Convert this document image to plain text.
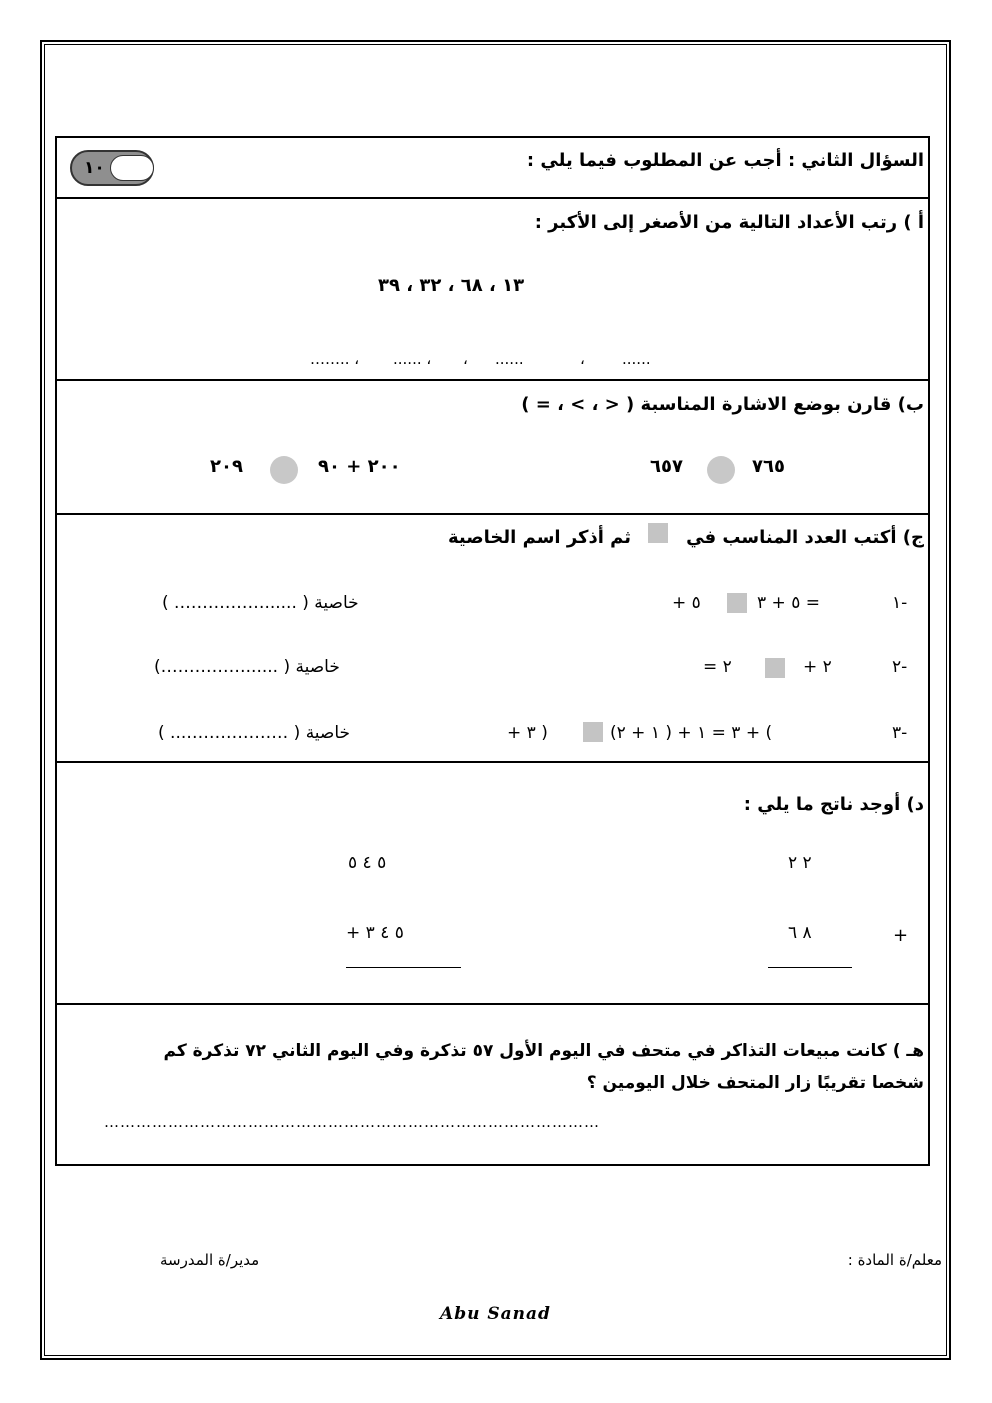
السؤال الثاني : أجب عن المطلوب فيما يلي :
١٠
أ ) رتب الأعداد التالية من الأصغر إلى الأكبر :
١٣ ، ٦٨ ، ٣٢ ، ٣٩
......
،
......
،
...... ،
…….. ،
ب) قارن بوضع الاشارة المناسبة ( < ، > ، = )
٦٥٧	٧٦٥
٢٠٩	٢٠٠ + ٩٠
ج) أكتب العدد المناسب في
ثم أذكر اسم الخاصية
١-
٥ + ٣ =
+ ٥
خاصية ( ......……………. )
٢-
+ ٢
= ٢
خاصية ( ......……………)
٣-
(١ + ٢ ) + ٣ = ١ + (
+ ٣ )
خاصية ( ………………... )
د) أوجد ناتج ما يلي :
٢ ٢
٨ ٦	+
٥ ٤ ٥
+ ٥ ٤ ٣
هـ ) كانت مبيعات التذاكر في متحف في اليوم الأول ٥٧ تذكرة وفي اليوم الثاني ٧٢ تذكرة كم
شخصا تقريبًا زار المتحف خلال اليومين ؟
…………………………………………………………………………………
معلم/ة المادة :
مدير/ة المدرسة
Abu Sanad
